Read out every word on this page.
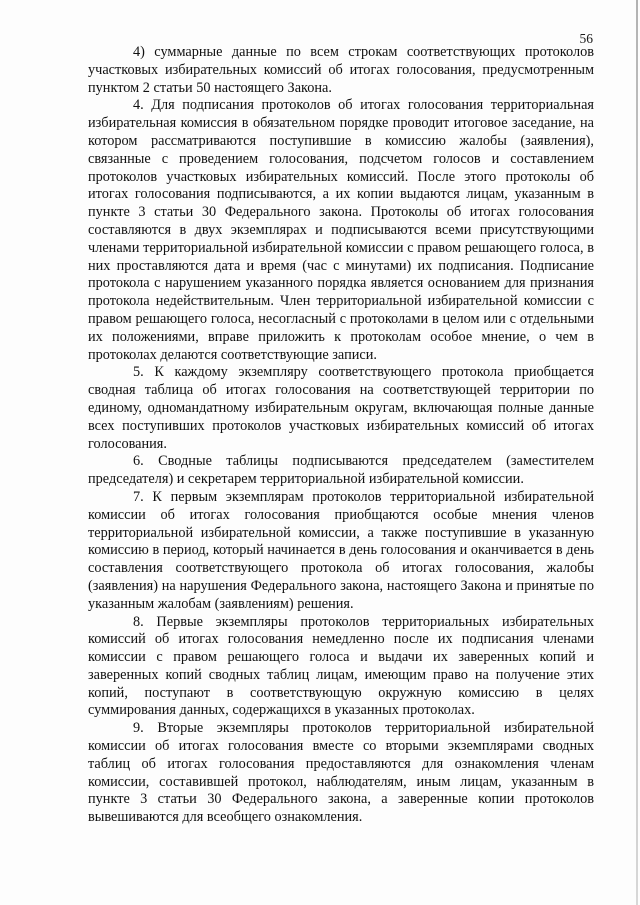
56

4) суммарные данные по всем строкам соответствующих протоколов участковых избирательных комиссий об итогах голосования, предусмотренным пунктом 2 статьи 50 настоящего Закона.

4. Для подписания протоколов об итогах голосования территориальная избирательная комиссия в обязательном порядке проводит итоговое заседание, на котором рассматриваются поступившие в комиссию жалобы (заявления), связанные с проведением голосования, подсчетом голосов и составлением протоколов участковых избирательных комиссий. После этого протоколы об итогах голосования подписываются, а их копии выдаются лицам, указанным в пункте 3 статьи 30 Федерального закона. Протоколы об итогах голосования составляются в двух экземплярах и подписываются всеми присутствующими членами территориальной избирательной комиссии с правом решающего голоса, в них проставляются дата и время (час с минутами) их подписания. Подписание протокола с нарушением указанного порядка является основанием для признания протокола недействительным. Член территориальной избирательной комиссии с правом решающего голоса, несогласный с протоколами в целом или с отдельными их положениями, вправе приложить к протоколам особое мнение, о чем в протоколах делаются соответствующие записи.

5. К каждому экземпляру соответствующего протокола приобщается сводная таблица об итогах голосования на соответствующей территории по единому, одномандатному избирательным округам, включающая полные данные всех поступивших протоколов участковых избирательных комиссий об итогах голосования.

6. Сводные таблицы подписываются председателем (заместителем председателя) и секретарем территориальной избирательной комиссии.

7. К первым экземплярам протоколов территориальной избирательной комиссии об итогах голосования приобщаются особые мнения членов территориальной избирательной комиссии, а также поступившие в указанную комиссию в период, который начинается в день голосования и оканчивается в день составления соответствующего протокола об итогах голосования, жалобы (заявления) на нарушения Федерального закона, настоящего Закона и принятые по указанным жалобам (заявлениям) решения.

8. Первые экземпляры протоколов территориальных избирательных комиссий об итогах голосования немедленно после их подписания членами комиссии с правом решающего голоса и выдачи их заверенных копий и заверенных копий сводных таблиц лицам, имеющим право на получение этих копий, поступают в соответствующую окружную комиссию в целях суммирования данных, содержащихся в указанных протоколах.

9. Вторые экземпляры протоколов территориальной избирательной комиссии об итогах голосования вместе со вторыми экземплярами сводных таблиц об итогах голосования предоставляются для ознакомления членам комиссии, составившей протокол, наблюдателям, иным лицам, указанным в пункте 3 статьи 30 Федерального закона, а заверенные копии протоколов вывешиваются для всеобщего ознакомления.
